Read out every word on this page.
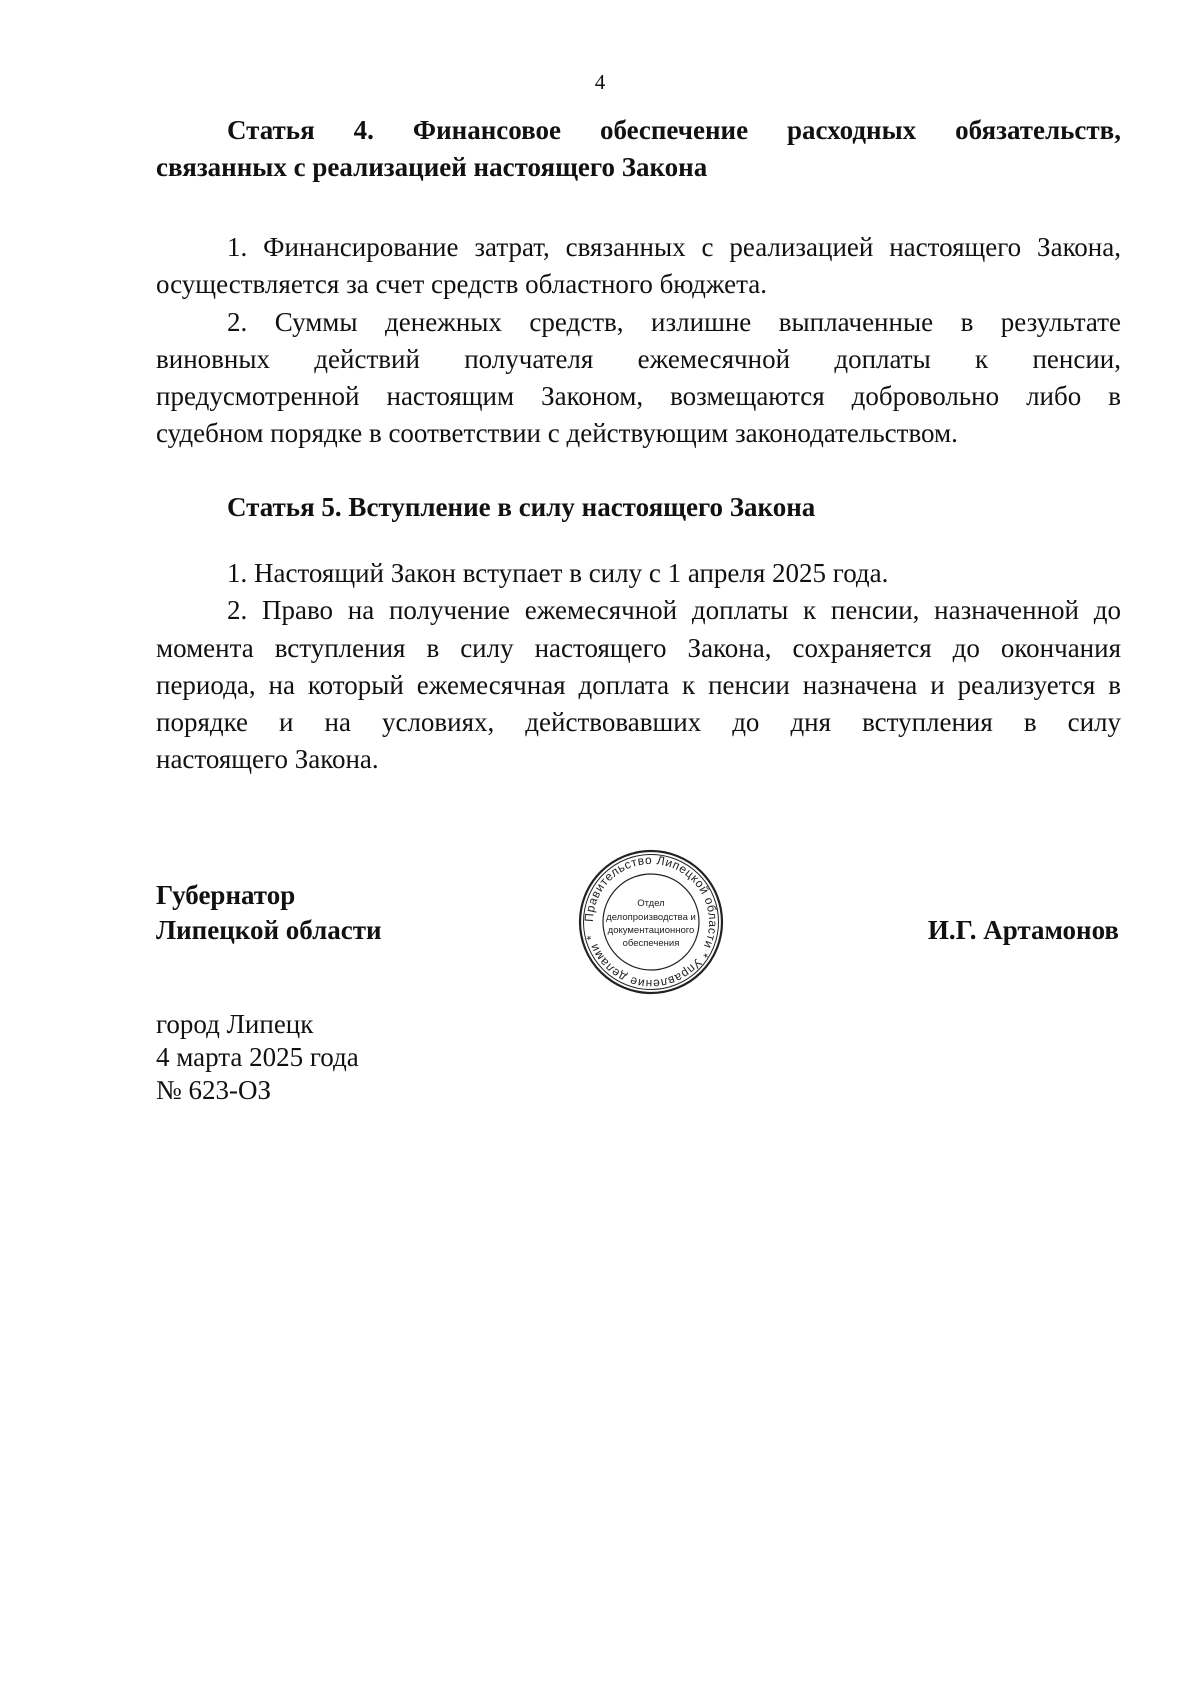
4

Статья 4. Финансовое обеспечение расходных обязательств,

связанных с реализацией настоящего Закона

1. Финансирование затрат, связанных с реализацией настоящего Закона,

осуществляется за счет средств областного бюджета.

2. Суммы денежных средств, излишне выплаченные в результате

виновных действий получателя ежемесячной доплаты к пенсии,

предусмотренной настоящим Законом, возмещаются добровольно либо в

судебном порядке в соответствии с действующим законодательством.

Статья 5. Вступление в силу настоящего Закона

1. Настоящий Закон вступает в силу с 1 апреля 2025 года.

2. Право на получение ежемесячной доплаты к пенсии, назначенной до

момента вступления в силу настоящего Закона, сохраняется до окончания

периода, на который ежемесячная доплата к пенсии назначена и реализуется в

порядке и на условиях, действовавших до дня вступления в силу

настоящего Закона.

Губернатор
Липецкой области	И.Г. Артамонов
Правительство Липецкой области * Управление делами *
Отдел
делопроизводства и
документационного
обеспечения
город Липецк
4 марта 2025 года
№ 623-ОЗ
